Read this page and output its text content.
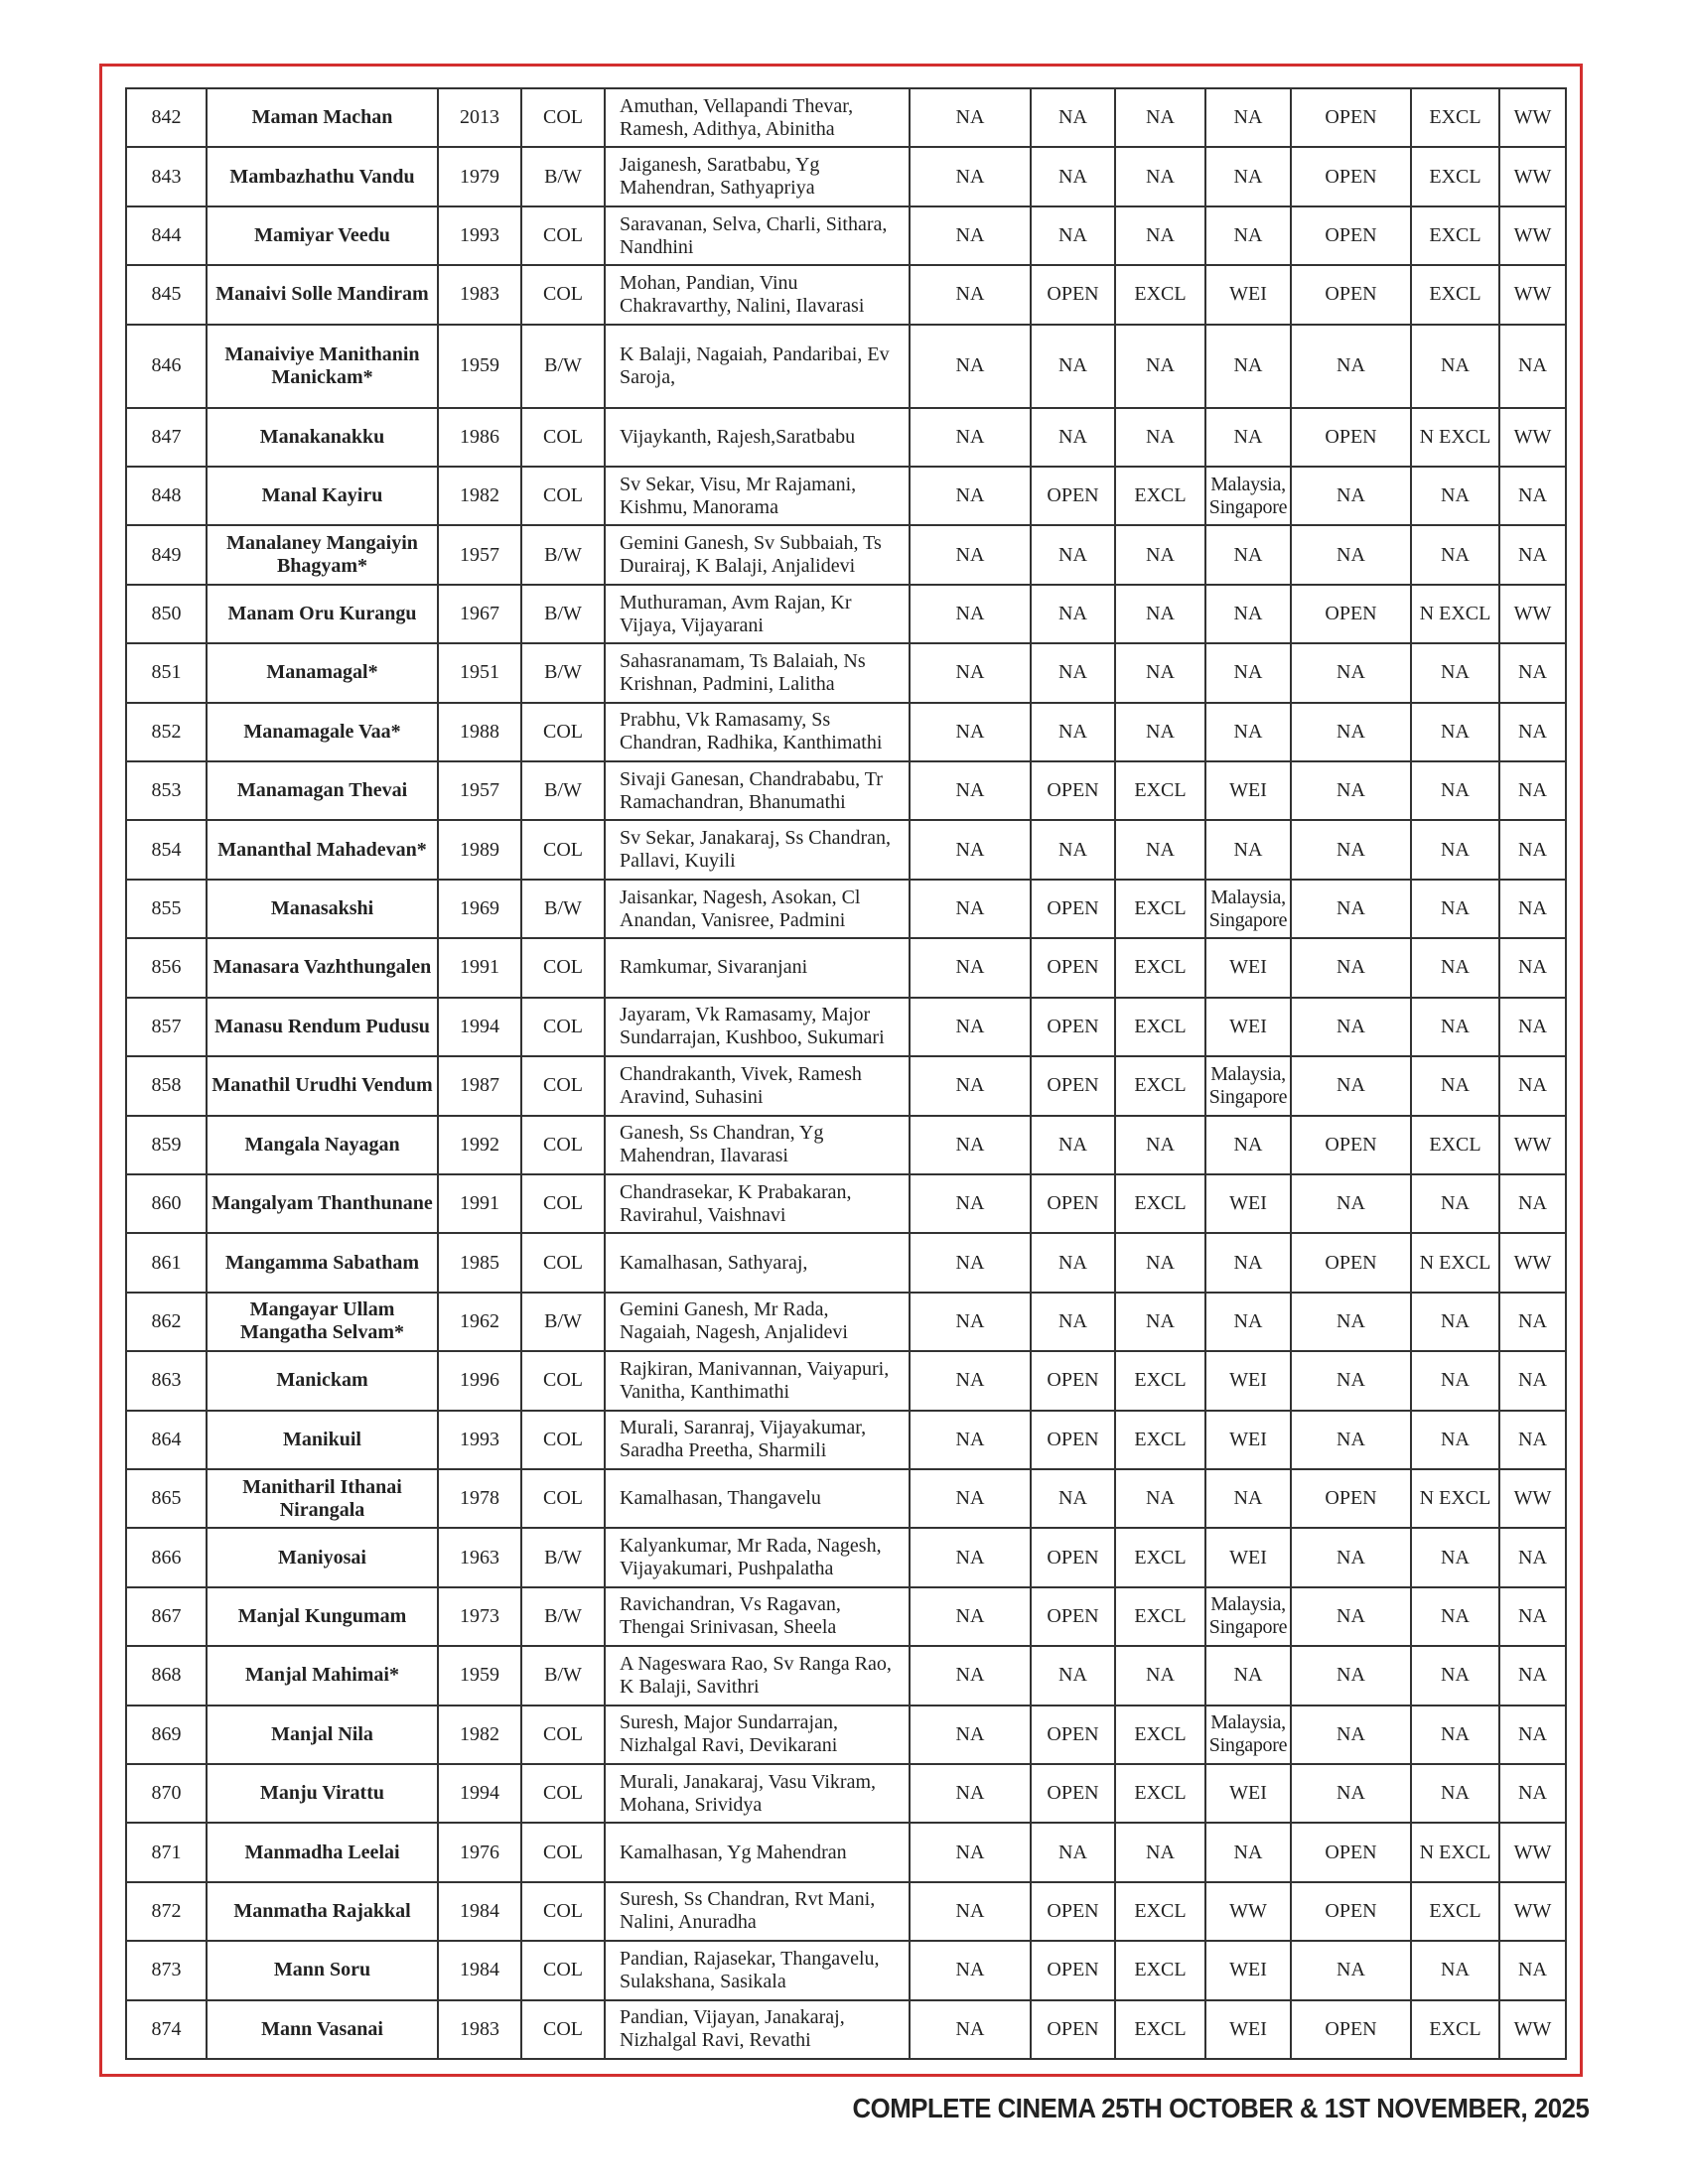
842	Maman Machan	2013	COL	Amuthan, Vellapandi Thevar, Ramesh, Adithya, Abinitha	NA	NA	NA	NA	OPEN	EXCL	WW
843	Mambazhathu Vandu	1979	B/W	Jaiganesh, Saratbabu, Yg Mahendran, Sathyapriya	NA	NA	NA	NA	OPEN	EXCL	WW
844	Mamiyar Veedu	1993	COL	Saravanan, Selva, Charli, Sithara, Nandhini	NA	NA	NA	NA	OPEN	EXCL	WW
845	Manaivi Solle Mandiram	1983	COL	Mohan, Pandian, Vinu Chakravarthy, Nalini, Ilavarasi	NA	OPEN	EXCL	WEI	OPEN	EXCL	WW
846	Manaiviye Manithanin Manickam*	1959	B/W	K Balaji, Nagaiah, Pandaribai, Ev Saroja,	NA	NA	NA	NA	NA	NA	NA
847	Manakanakku	1986	COL	Vijaykanth, Rajesh,Saratbabu	NA	NA	NA	NA	OPEN	N EXCL	WW
848	Manal Kayiru	1982	COL	Sv Sekar, Visu, Mr Rajamani, Kishmu, Manorama	NA	OPEN	EXCL	Malaysia, Singapore	NA	NA	NA
849	Manalaney Mangaiyin Bhagyam*	1957	B/W	Gemini Ganesh, Sv Subbaiah, Ts Durairaj, K Balaji, Anjalidevi	NA	NA	NA	NA	NA	NA	NA
850	Manam Oru Kurangu	1967	B/W	Muthuraman, Avm Rajan, Kr Vijaya, Vijayarani	NA	NA	NA	NA	OPEN	N EXCL	WW
851	Manamagal*	1951	B/W	Sahasranamam, Ts Balaiah, Ns Krishnan, Padmini, Lalitha	NA	NA	NA	NA	NA	NA	NA
852	Manamagale Vaa*	1988	COL	Prabhu, Vk Ramasamy, Ss Chandran, Radhika, Kanthimathi	NA	NA	NA	NA	NA	NA	NA
853	Manamagan Thevai	1957	B/W	Sivaji Ganesan, Chandrababu, Tr Ramachandran, Bhanumathi	NA	OPEN	EXCL	WEI	NA	NA	NA
854	Mananthal Mahadevan*	1989	COL	Sv Sekar, Janakaraj, Ss Chandran, Pallavi, Kuyili	NA	NA	NA	NA	NA	NA	NA
855	Manasakshi	1969	B/W	Jaisankar, Nagesh, Asokan, Cl Anandan, Vanisree, Padmini	NA	OPEN	EXCL	Malaysia, Singapore	NA	NA	NA
856	Manasara Vazhthungalen	1991	COL	Ramkumar, Sivaranjani	NA	OPEN	EXCL	WEI	NA	NA	NA
857	Manasu Rendum Pudusu	1994	COL	Jayaram, Vk Ramasamy, Major Sundarrajan, Kushboo, Sukumari	NA	OPEN	EXCL	WEI	NA	NA	NA
858	Manathil Urudhi Vendum	1987	COL	Chandrakanth, Vivek, Ramesh Aravind, Suhasini	NA	OPEN	EXCL	Malaysia, Singapore	NA	NA	NA
859	Mangala Nayagan	1992	COL	Ganesh, Ss Chandran, Yg Mahendran, Ilavarasi	NA	NA	NA	NA	OPEN	EXCL	WW
860	Mangalyam Thanthunane	1991	COL	Chandrasekar, K Prabakaran, Ravirahul, Vaishnavi	NA	OPEN	EXCL	WEI	NA	NA	NA
861	Mangamma Sabatham	1985	COL	Kamalhasan, Sathyaraj,	NA	NA	NA	NA	OPEN	N EXCL	WW
862	Mangayar Ullam Mangatha Selvam*	1962	B/W	Gemini Ganesh, Mr Rada, Nagaiah, Nagesh, Anjalidevi	NA	NA	NA	NA	NA	NA	NA
863	Manickam	1996	COL	Rajkiran, Manivannan, Vaiyapuri, Vanitha, Kanthimathi	NA	OPEN	EXCL	WEI	NA	NA	NA
864	Manikuil	1993	COL	Murali, Saranraj, Vijayakumar, Saradha Preetha, Sharmili	NA	OPEN	EXCL	WEI	NA	NA	NA
865	Manitharil Ithanai Nirangala	1978	COL	Kamalhasan, Thangavelu	NA	NA	NA	NA	OPEN	N EXCL	WW
866	Maniyosai	1963	B/W	Kalyankumar, Mr Rada, Nagesh, Vijayakumari, Pushpalatha	NA	OPEN	EXCL	WEI	NA	NA	NA
867	Manjal Kungumam	1973	B/W	Ravichandran, Vs Ragavan, Thengai Srinivasan, Sheela	NA	OPEN	EXCL	Malaysia, Singapore	NA	NA	NA
868	Manjal Mahimai*	1959	B/W	A Nageswara Rao, Sv Ranga Rao, K Balaji, Savithri	NA	NA	NA	NA	NA	NA	NA
869	Manjal Nila	1982	COL	Suresh, Major Sundarrajan, Nizhalgal Ravi, Devikarani	NA	OPEN	EXCL	Malaysia, Singapore	NA	NA	NA
870	Manju Virattu	1994	COL	Murali, Janakaraj, Vasu Vikram, Mohana, Srividya	NA	OPEN	EXCL	WEI	NA	NA	NA
871	Manmadha Leelai	1976	COL	Kamalhasan, Yg Mahendran	NA	NA	NA	NA	OPEN	N EXCL	WW
872	Manmatha Rajakkal	1984	COL	Suresh, Ss Chandran, Rvt Mani, Nalini, Anuradha	NA	OPEN	EXCL	WW	OPEN	EXCL	WW
873	Mann Soru	1984	COL	Pandian, Rajasekar, Thangavelu, Sulakshana, Sasikala	NA	OPEN	EXCL	WEI	NA	NA	NA
874	Mann Vasanai	1983	COL	Pandian, Vijayan, Janakaraj, Nizhalgal Ravi, Revathi	NA	OPEN	EXCL	WEI	OPEN	EXCL	WW
COMPLETE CINEMA 25TH OCTOBER & 1ST NOVEMBER, 2025
